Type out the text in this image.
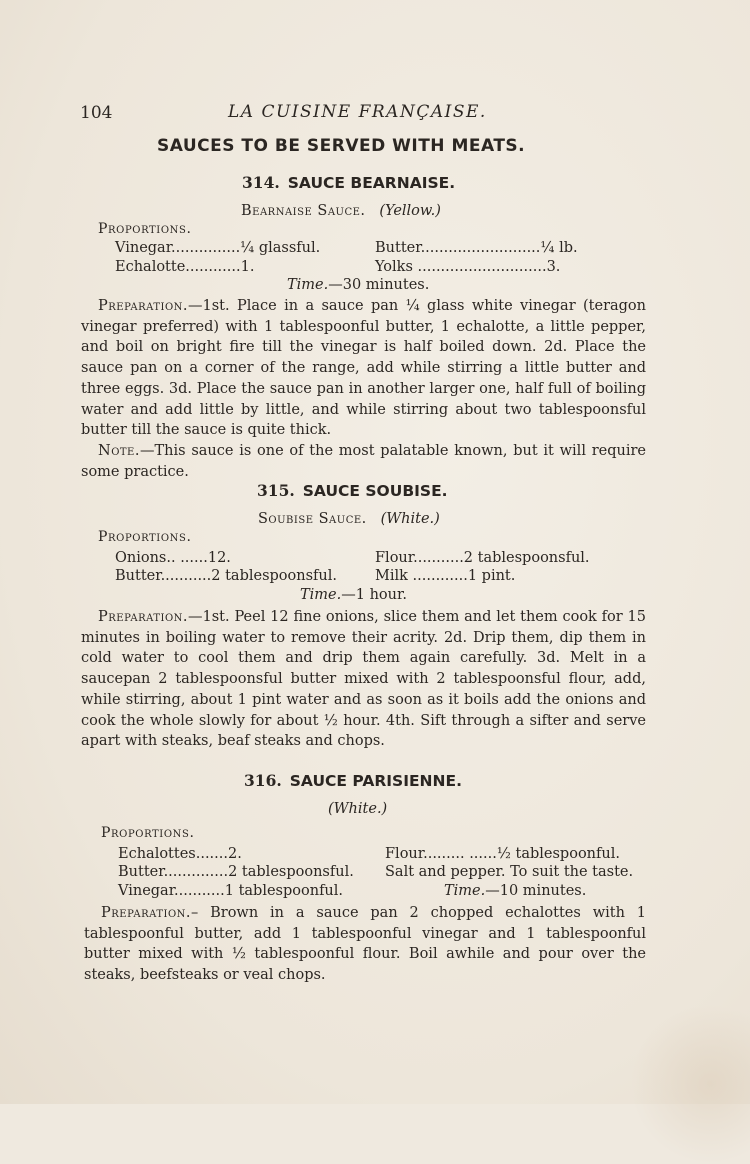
104	LA CUISINE FRANÇAISE.
SAUCES TO BE SERVED WITH MEATS.
314. SAUCE BEARNAISE.
Bearnaise Sauce. (Yellow.)
Proportions.
Vinegar...............¼ glassful.	Butter..........................¼ lb.
Echalotte............1.	Yolks ............................3.
Time.—30 minutes.
Preparation.—1st. Place in a sauce pan ¼ glass white vinegar (teragon vinegar preferred) with 1 tablespoonful butter, 1 echalotte, a little pepper, and boil on bright fire till the vinegar is half boiled down. 2d. Place the sauce pan on a corner of the range, add while stirring a little butter and three eggs. 3d. Place the sauce pan in another larger one, half full of boiling water and add little by little, and while stirring about two tablespoonsful butter till the sauce is quite thick.
Note.—This sauce is one of the most palatable known, but it will require some practice.
315. SAUCE SOUBISE.
Soubise Sauce. (White.)
Proportions.
Onions.. ......12.	Flour...........2 tablespoonsful.
Butter...........2 tablespoonsful.	Milk ............1 pint.
Time.—1 hour.
Preparation.—1st. Peel 12 fine onions, slice them and let them cook for 15 minutes in boiling water to remove their acrity. 2d. Drip them, dip them in cold water to cool them and drip them again carefully. 3d. Melt in a saucepan 2 tablespoonsful butter mixed with 2 tablespoonsful flour, add, while stirring, about 1 pint water and as soon as it boils add the onions and cook the whole slowly for about ½ hour. 4th. Sift through a sifter and serve apart with steaks, beaf steaks and chops.
316. SAUCE PARISIENNE.
(White.)
Proportions.
Echalottes.......2.	Flour......... ......½ tablespoonful.
Butter..............2 tablespoonsful. Salt and pepper. To suit the taste.
Vinegar...........1 tablespoonful.	Time.—10 minutes.
Preparation.– Brown in a sauce pan 2 chopped echalottes with 1 tablespoonful butter, add 1 tablespoonful vinegar and 1 tablespoonful butter mixed with ½ tablespoonful flour. Boil awhile and pour over the steaks, beefsteaks or veal chops.
